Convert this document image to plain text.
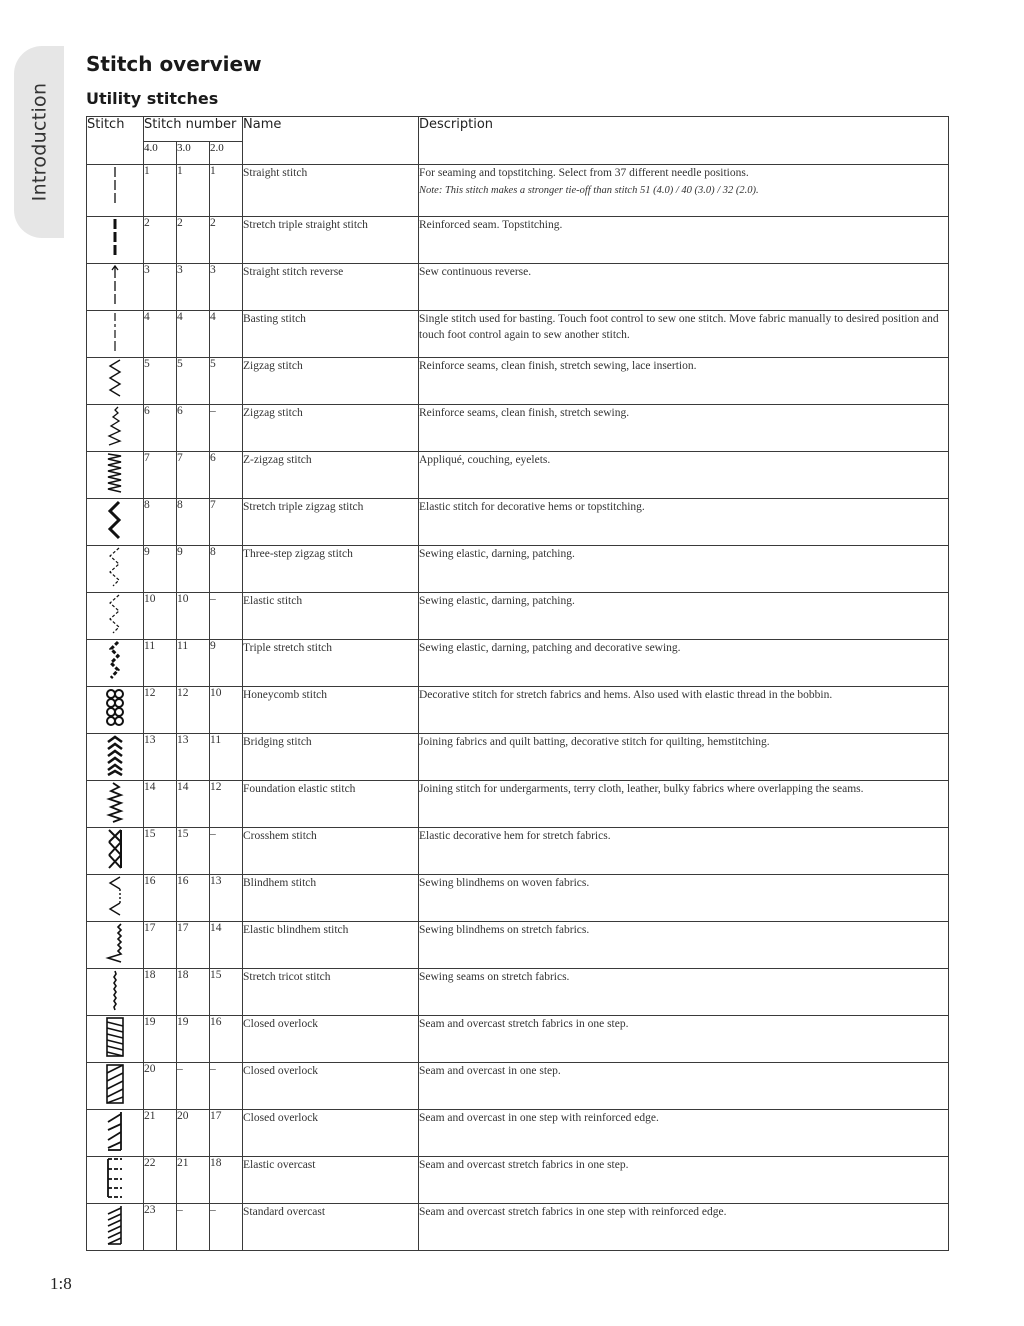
Introduction
Stitch overview
Utility stitches
Stitch	Stitch number			Name	Description
	4.0	3.0	2.0		
	1	1	1	Straight stitch	For seaming and topstitching. Select from 37 different needle positions.
Note: This stitch makes a stronger tie-off than stitch 51 (4.0) / 40 (3.0) / 32 (2.0).

	2	2	2	Stretch triple straight stitch	Reinforced seam. Topstitching.
	3	3	3	Straight stitch reverse	Sew continuous reverse.
	4	4	4	Basting stitch	Single stitch used for basting. Touch foot control to sew one stitch. Move fabric manually to desired position and touch foot control again to sew another stitch.
	5	5	5	Zigzag stitch	Reinforce seams, clean finish, stretch sewing, lace insertion.
	6	6	–	Zigzag stitch	Reinforce seams, clean finish, stretch sewing.
	7	7	6	Z-zigzag stitch	Appliqué, couching, eyelets.
	8	8	7	Stretch triple zigzag stitch	Elastic stitch for decorative hems or topstitching.
	9	9	8	Three-step zigzag stitch	Sewing elastic, darning, patching.
	10	10	–	Elastic stitch	Sewing elastic, darning, patching.
	11	11	9	Triple stretch stitch	Sewing elastic, darning, patching and decorative sewing.
	12	12	10	Honeycomb stitch	Decorative stitch for stretch fabrics and hems. Also used with elastic thread in the bobbin.
	13	13	11	Bridging stitch	Joining fabrics and quilt batting, decorative stitch for quilting, hemstitching.
	14	14	12	Foundation elastic stitch	Joining stitch for undergarments, terry cloth, leather, bulky fabrics where overlapping the seams.
	15	15	–	Crosshem stitch	Elastic decorative hem for stretch fabrics.
	16	16	13	Blindhem stitch	Sewing blindhems on woven fabrics.
	17	17	14	Elastic blindhem stitch	Sewing blindhems on stretch fabrics.
	18	18	15	Stretch tricot stitch	Sewing seams on stretch fabrics.
	19	19	16	Closed overlock	Seam and overcast stretch fabrics in one step.
	20	–	–	Closed overlock	Seam and overcast in one step.
	21	20	17	Closed overlock	Seam and overcast in one step with reinforced edge.
	22	21	18	Elastic overcast	Seam and overcast stretch fabrics in one step.
	23	–	–	Standard overcast	Seam and overcast stretch fabrics in one step with reinforced edge.
1:8
